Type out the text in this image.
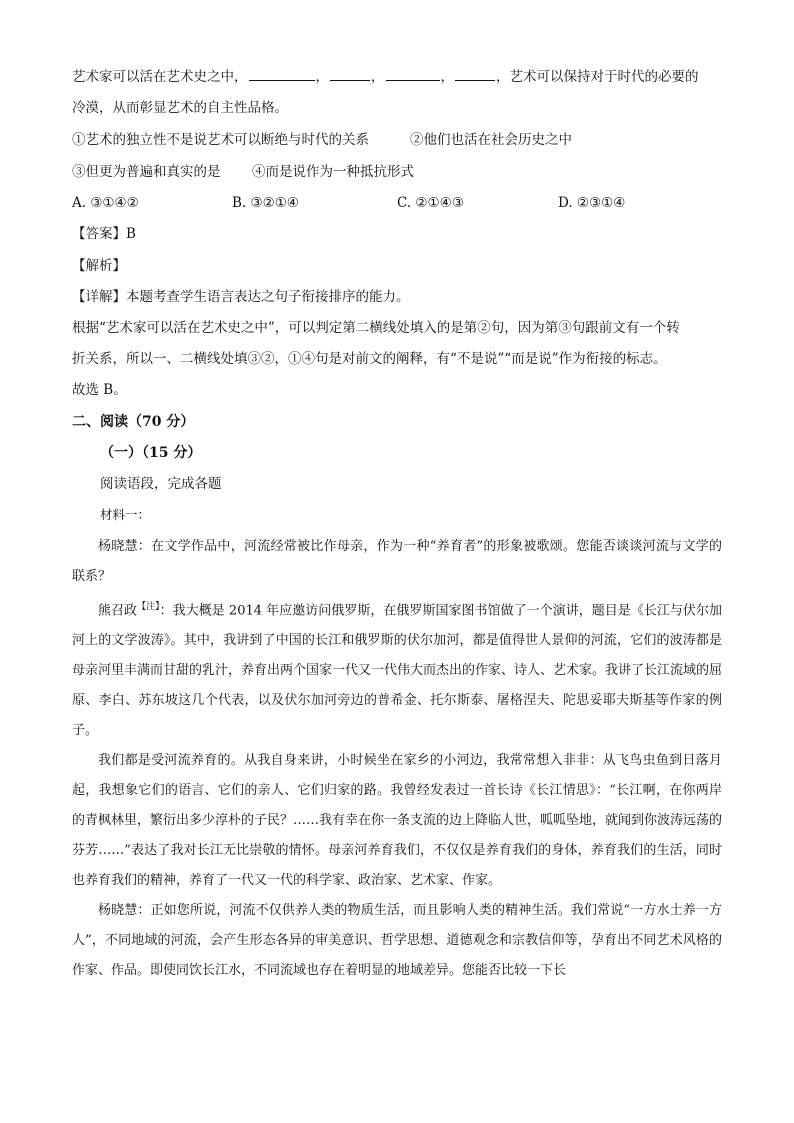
艺术家可以活在艺术史之中，	，	，	，	，艺术可以保持对于时代的必要的
冷漠，从而彰显艺术的自主性品格。
①艺术的独立性不是说艺术可以断绝与时代的关系	②他们也活在社会历史之中
③但更为普遍和真实的是 ④而是说作为一种抵抗形式
A. ③①④②	B. ③②①④	C. ②①④③	D. ②③①④
【答案】B
【解析】
【详解】本题考查学生语言表达之句子衔接排序的能力。
根据“艺术家可以活在艺术史之中”，可以判定第二横线处填入的是第②句，因为第③句跟前文有一个转
折关系，所以一、二横线处填③②，①④句是对前文的阐释，有“不是说”“而是说”作为衔接的标志。
故选 B。
二、阅读（70 分）
（一）（15 分）
阅读语段，完成各题
材料一：

杨晓慧：在文学作品中，河流经常被比作母亲，作为一种“养育者”的形象被歌颂。您能否谈谈河流与文学的联系？

熊召政$^{【注】}$：我大概是 2014 年应邀访问俄罗斯，在俄罗斯国家图书馆做了一个演讲，题目是《长江与伏尔加河上的文学波涛》。其中，我讲到了中国的长江和俄罗斯的伏尔加河，都是值得世人景仰的河流，它们的波涛都是母亲河里丰满而甘甜的乳汁，养育出两个国家一代又一代伟大而杰出的作家、诗人、艺术家。我讲了长江流域的屈原、李白、苏东坡这几个代表，以及伏尔加河旁边的普希金、托尔斯泰、屠格涅夫、陀思妥耶夫斯基等作家的例子。

我们都是受河流养育的。从我自身来讲，小时候坐在家乡的小河边，我常常想入非非：从飞鸟虫鱼到日落月起，我想象它们的语言、它们的亲人、它们归家的路。我曾经发表过一首长诗《长江情思》：“长江啊，在你两岸的青枫林里，繁衍出多少淳朴的子民？……我有幸在你一条支流的边上降临人世，呱呱坠地，就闻到你波涛远荡的芬芳……”表达了我对长江无比崇敬的情怀。母亲河养育我们，不仅仅是养育我们的身体，养育我们的生活，同时也养育我们的精神，养育了一代又一代的科学家、政治家、艺术家、作家。

杨晓慧：正如您所说，河流不仅供养人类的物质生活，而且影响人类的精神生活。我们常说“一方水土养一方人”，不同地域的河流，会产生形态各异的审美意识、哲学思想、道德观念和宗教信仰等，孕育出不同艺术风格的作家、作品。即使同饮长江水，不同流域也存在着明显的地域差异。您能否比较一下长
